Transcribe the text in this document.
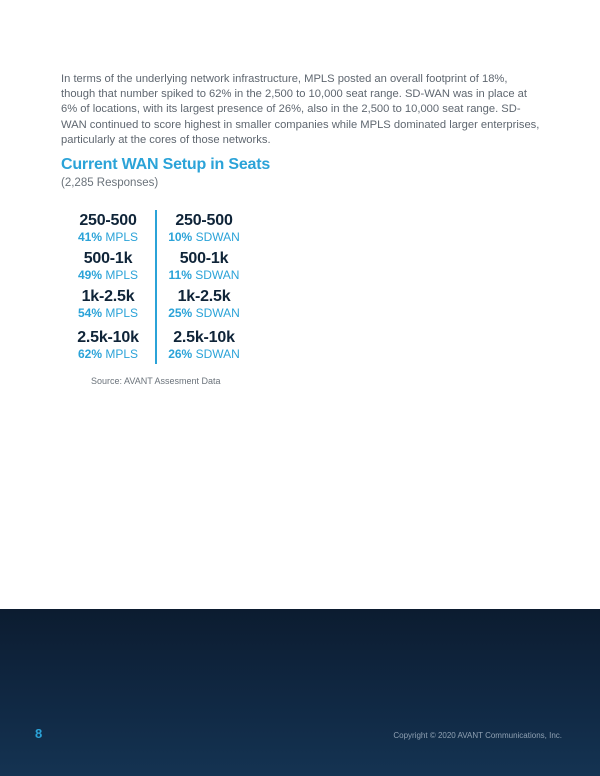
In terms of the underlying network infrastructure, MPLS posted an overall footprint of 18%, though that number spiked to 62% in the 2,500 to 10,000 seat range. SD-WAN was in place at 6% of locations, with its largest presence of 26%, also in the 2,500 to 10,000 seat range. SD-WAN continued to score highest in smaller companies while MPLS dominated larger enterprises, particularly at the cores of those networks.

Current WAN Setup in Seats

(2,285 Responses)

250-500
41% MPLS
250-500
10% SDWAN
500-1k
49% MPLS
500-1k
11% SDWAN
1k-2.5k
54% MPLS
1k-2.5k
25% SDWAN
2.5k-10k
62% MPLS
2.5k-10k
26% SDWAN

Source: AVANT Assesment Data

8	Copyright © 2020 AVANT Communications, Inc.
